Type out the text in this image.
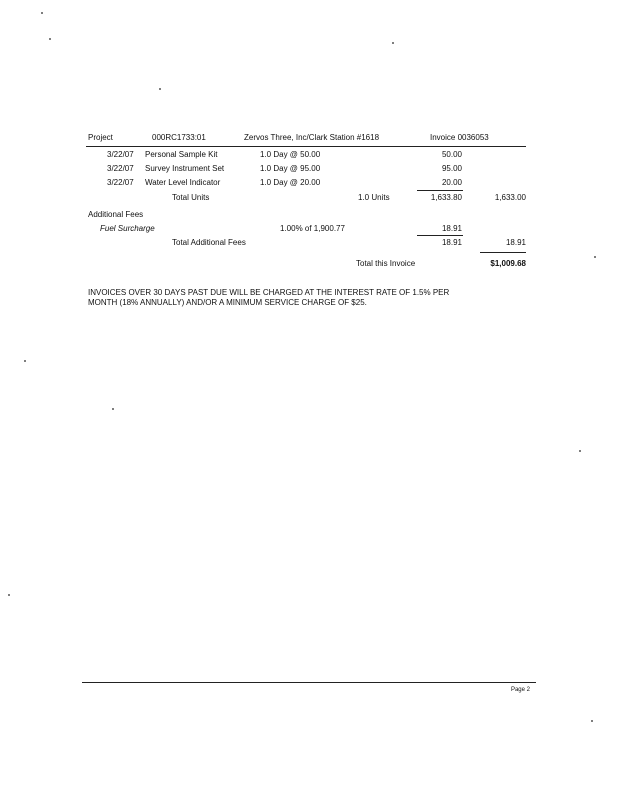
Project	000RC1733:01	Zervos Three, Inc/Clark Station #1618	Invoice 0036053
3/22/07 Personal Sample Kit	1.0 Day @ 50.00	50.00
3/22/07 Survey Instrument Set	1.0 Day @ 95.00	95.00
3/22/07 Water Level Indicator	1.0 Day @ 20.00	20.00
Total Units	1.0 Units	1,633.80	1,633.00
Additional Fees
Fuel Surcharge	1.00% of 1,900.77	18.91
Total Additional Fees	18.91	18.91
Total this Invoice	$1,009.68
INVOICES OVER 30 DAYS PAST DUE WILL BE CHARGED AT THE INTEREST RATE OF 1.5% PER
MONTH (18% ANNUALLY) AND/OR A MINIMUM SERVICE CHARGE OF $25.
Page 2
